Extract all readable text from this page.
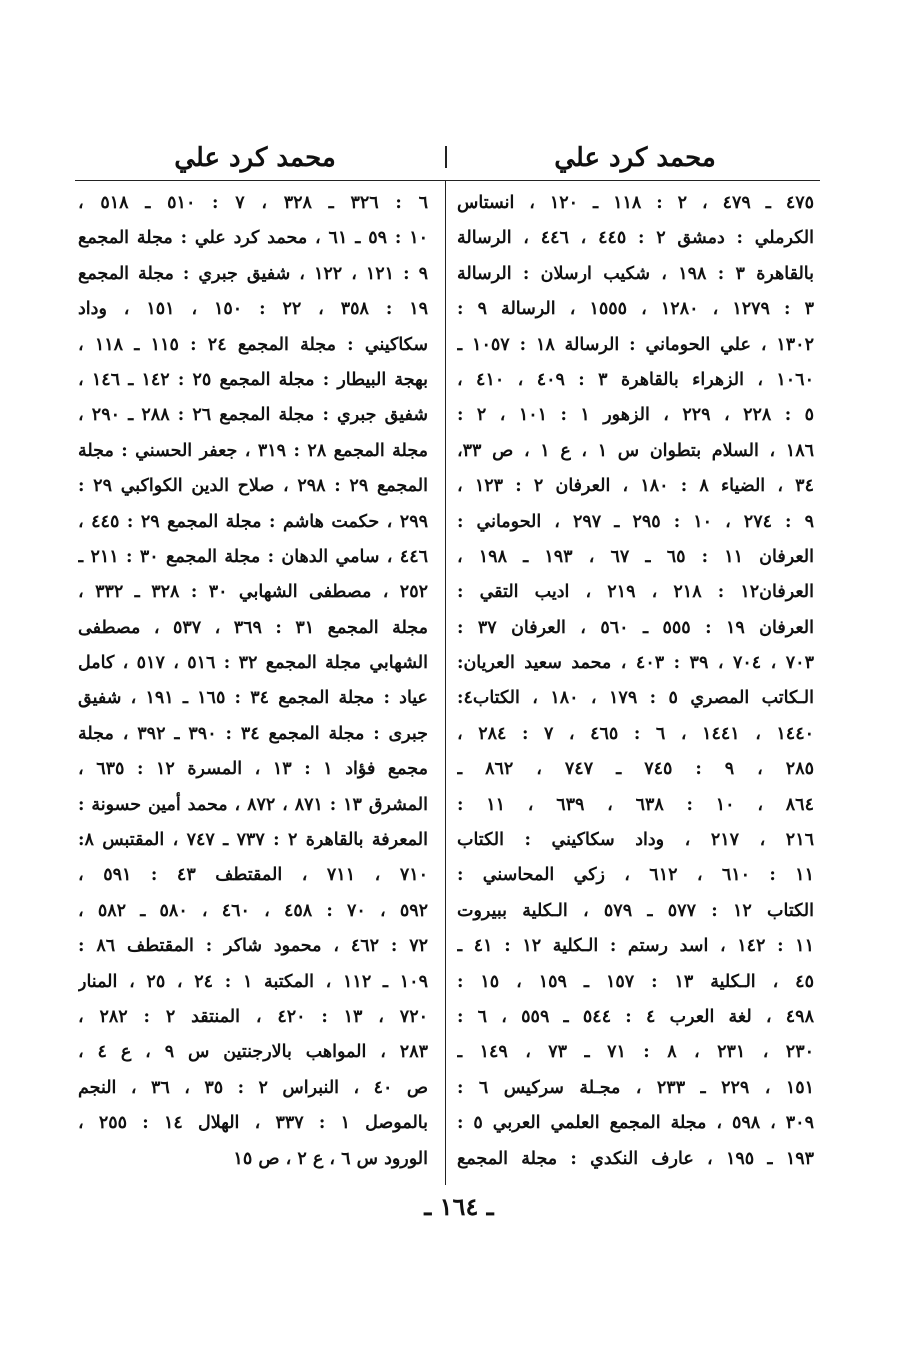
محمد كرد علي
محمد كرد علي
٤٧٥ ـ ٤٧٩ ، ٢ : ١١٨ ـ ١٢٠ ، انستاس
الكرملي : دمشق ٢ : ٤٤٥ ، ٤٤٦ ، الرسالة
بالقاهرة ٣ : ١٩٨ ، شكيب ارسلان : الرسالة
٣ : ١٢٧٩ ، ١٢٨٠ ، ١٥٥٥ ، الرسالة ٩ :
١٣٠٢ ، علي الحوماني : الرسالة ١٨ : ١٠٥٧ ـ
١٠٦٠ ، الزهراء بالقاهرة ٣ : ٤٠٩ ، ٤١٠ ،
٥ : ٢٢٨ ، ٢٢٩ ، الزهور ١ : ١٠١ ، ٢ :
١٨٦ ، السلام بتطوان س ١ ، ع ١ ، ص ٣٣،
٣٤ ، الضياء ٨ : ١٨٠ ، العرفان ٢ : ١٢٣ ،
٩ : ٢٧٤ ، ١٠ : ٢٩٥ ـ ٢٩٧ ، الحوماني :
العرفان ١١ : ٦٥ ـ ٦٧ ، ١٩٣ ـ ١٩٨ ،
العرفان١٢ : ٢١٨ ، ٢١٩ ، اديب التقي :
العرفان ١٩ : ٥٥٥ ـ ٥٦٠ ، العرفان ٣٧ :
٧٠٣ ، ٧٠٤ ، ٣٩ : ٤٠٣ ، محمد سعيد العريان:
الـكاتب المصري ٥ : ١٧٩ ، ١٨٠ ، الكتاب٤:
١٤٤٠ ، ١٤٤١ ، ٦ : ٤٦٥ ، ٧ : ٢٨٤ ،
٢٨٥ ، ٩ : ٧٤٥ ـ ٧٤٧ ، ٨٦٢ ـ
٨٦٤ ، ١٠ : ٦٣٨ ، ٦٣٩ ، ١١ :
٢١٦ ، ٢١٧ ، وداد سكاكيني : الكتاب
١١ : ٦١٠ ، ٦١٢ ، زكي المحاسني :
الكتاب ١٢ : ٥٧٧ ـ ٥٧٩ ، الـكلية ببيروت
١١ : ١٤٢ ، اسد رستم : الـكلية ١٢ : ٤١ ـ
٤٥ ، الـكلية ١٣ : ١٥٧ ـ ١٥٩ ، ١٥ :
٤٩٨ ، لغة العرب ٤ : ٥٤٤ ـ ٥٥٩ ، ٦ :
٢٣٠ ، ٢٣١ ، ٨ : ٧١ ـ ٧٣ ، ١٤٩ ـ
١٥١ ، ٢٢٩ ـ ٢٣٣ ، مجـلة سركيس ٦ :
٣٠٩ ، ٥٩٨ ، مجلة المجمع العلمي العربي ٥ :
١٩٣ ـ ١٩٥ ، عارف النكدي : مجلة المجمع
٦ : ٣٢٦ ـ ٣٢٨ ، ٧ : ٥١٠ ـ ٥١٨ ،
١٠ : ٥٩ ـ ٦١ ، محمد كرد علي : مجلة المجمع
٩ : ١٢١ ، ١٢٢ ، شفيق جبري : مجلة المجمع
١٩ : ٣٥٨ ، ٢٢ : ١٥٠ ، ١٥١ ، وداد
سكاكيني : مجلة المجمع ٢٤ : ١١٥ ـ ١١٨ ،
بهجة البيطار : مجلة المجمع ٢٥ : ١٤٢ ـ ١٤٦ ،
شفيق جبري : مجلة المجمع ٢٦ : ٢٨٨ ـ ٢٩٠ ،
مجلة المجمع ٢٨ : ٣١٩ ، جعفر الحسني : مجلة
المجمع ٢٩ : ٢٩٨ ، صلاح الدين الكواكبي ٢٩ :
٢٩٩ ، حكمت هاشم : مجلة المجمع ٢٩ : ٤٤٥ ،
٤٤٦ ، سامي الدهان : مجلة المجمع ٣٠ : ٢١١ ـ
٢٥٢ ، مصطفى الشهابي ٣٠ : ٣٢٨ ـ ٣٣٢ ،
مجلة المجمع ٣١ : ٣٦٩ ، ٥٣٧ ، مصطفى
الشهابي مجلة المجمع ٣٢ : ٥١٦ ، ٥١٧ ، كامل
عياد : مجلة المجمع ٣٤ : ١٦٥ ـ ١٩١ ، شفيق
جبرى : مجلة المجمع ٣٤ : ٣٩٠ ـ ٣٩٢ ، مجلة
مجمع فؤاد ١ : ١٣ ، المسرة ١٢ : ٦٣٥ ،
المشرق ١٣ : ٨٧١ ، ٨٧٢ ، محمد أمين حسونة :
المعرفة بالقاهرة ٢ : ٧٣٧ ـ ٧٤٧ ، المقتبس ٨:
٧١٠ ، ٧١١ ، المقتطف ٤٣ : ٥٩١ ،
٥٩٢ ، ٧٠ : ٤٥٨ ، ٤٦٠ ، ٥٨٠ ـ ٥٨٢ ،
٧٢ : ٤٦٢ ، محمود شاكر : المقتطف ٨٦ :
١٠٩ ـ ١١٢ ، المكتبة ١ : ٢٤ ، ٢٥ ، المنار
٧٢٠ ، ١٣ : ٤٢٠ ، المنتقد ٢ : ٢٨٢ ،
٢٨٣ ، المواهب بالارجنتين س ٩ ، ع ٤ ،
ص ٤٠ ، النبراس ٢ : ٣٥ ، ٣٦ ، النجم
بالموصل ١ : ٣٣٧ ، الهلال ١٤ : ٢٥٥ ،
الورود س ٦ ، ع ٢ ، ص ١٥
ـ ١٦٤ ـ
